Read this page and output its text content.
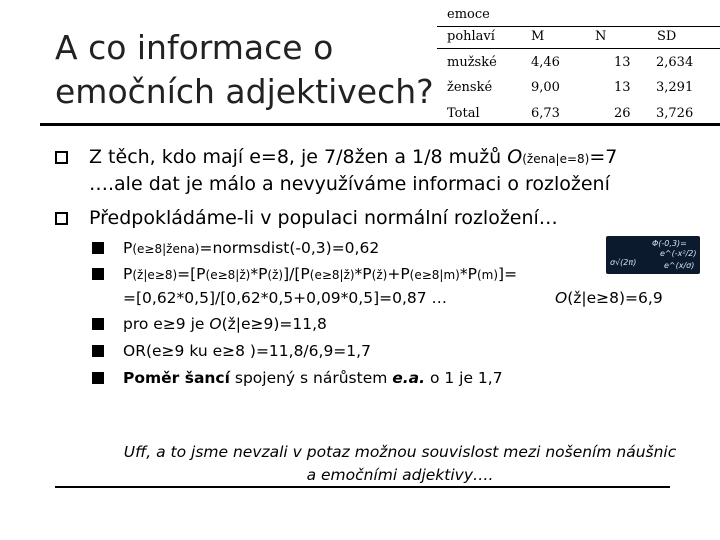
A co informace o
emočních adjektivech?
emoce
pohlaví	M	N	SD
mužské	4,46	13 2,634
ženské	9,00	13 3,291
Total	6,73	26 3,726
Z těch, kdo mají e=8, je 7/8žen a 1/8 mužů O(žena|e=8)=7
….ale dat je málo a nevyužíváme informaci o rozložení
Předpokládáme-li v populaci normální rozložení…
P(e≥8|žena)=normsdist(-0,3)=0,62
P(ž|e≥8)=[P(e≥8|ž)*P(ž)]/[P(e≥8|ž)*P(ž)+P(e≥8|m)*P(m)]=
=[0,62*0,5]/[0,62*0,5+0,09*0,5]=0,87 …	O(ž|e≥8)=6,9
pro e≥9 je O(ž|e≥9)=11,8
OR(e≥9 ku e≥8 )=11,8/6,9=1,7
Poměr šancí spojený s nárůstem e.a. o 1 je 1,7
Φ(-0,3)=
e^(-x²/2)
σ√(2π)	e^(x/σ)
Uff, a to jsme nevzali v potaz možnou souvislost mezi nošením náušnic
a emočními adjektivy….
